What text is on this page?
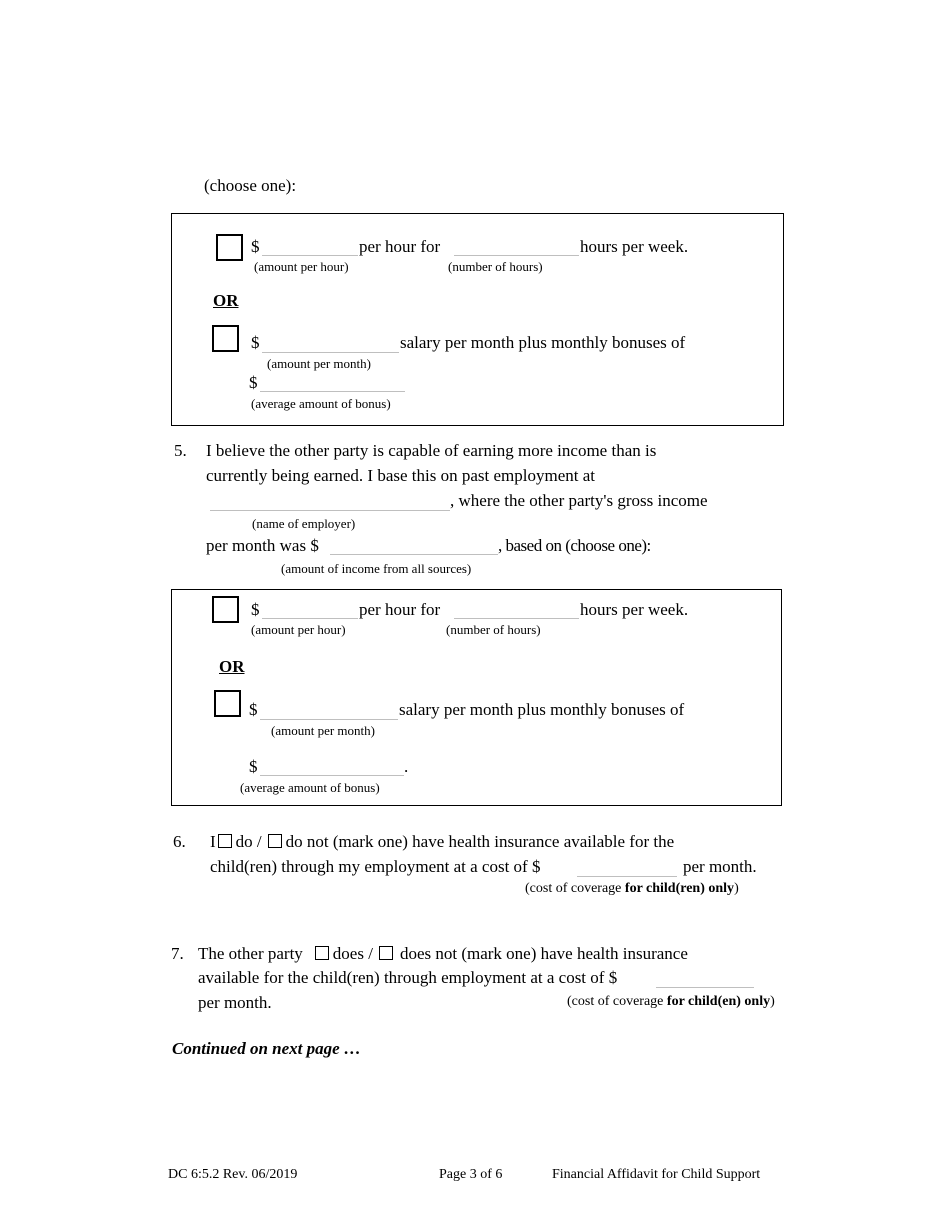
(choose one):
$	per hour for	hours per week.
(amount per hour)	(number of hours)
OR
$	salary per month plus monthly bonuses of
(amount per month)
$
(average amount of bonus)
5. I believe the other party is capable of earning more income than is
currently being earned. I base this on past employment at
, where the other party's gross income
(name of employer)
per month was $	, based on (choose one):
(amount of income from all sources)
$	per hour for	hours per week.
(amount per hour)	(number of hours)
OR
$	salary per month plus monthly bonuses of
(amount per month)
$	.
(average amount of bonus)
6. I do / do not (mark one) have health insurance available for the
child(ren) through my employment at a cost of $	per month.
(cost of coverage for child(ren) only)
7. The other party does / does not (mark one) have health insurance
available for the child(ren) through employment at a cost of $
per month.	(cost of coverage for child(en) only)
Continued on next page …
DC 6:5.2 Rev. 06/2019	Page 3 of 6	Financial Affidavit for Child Support
